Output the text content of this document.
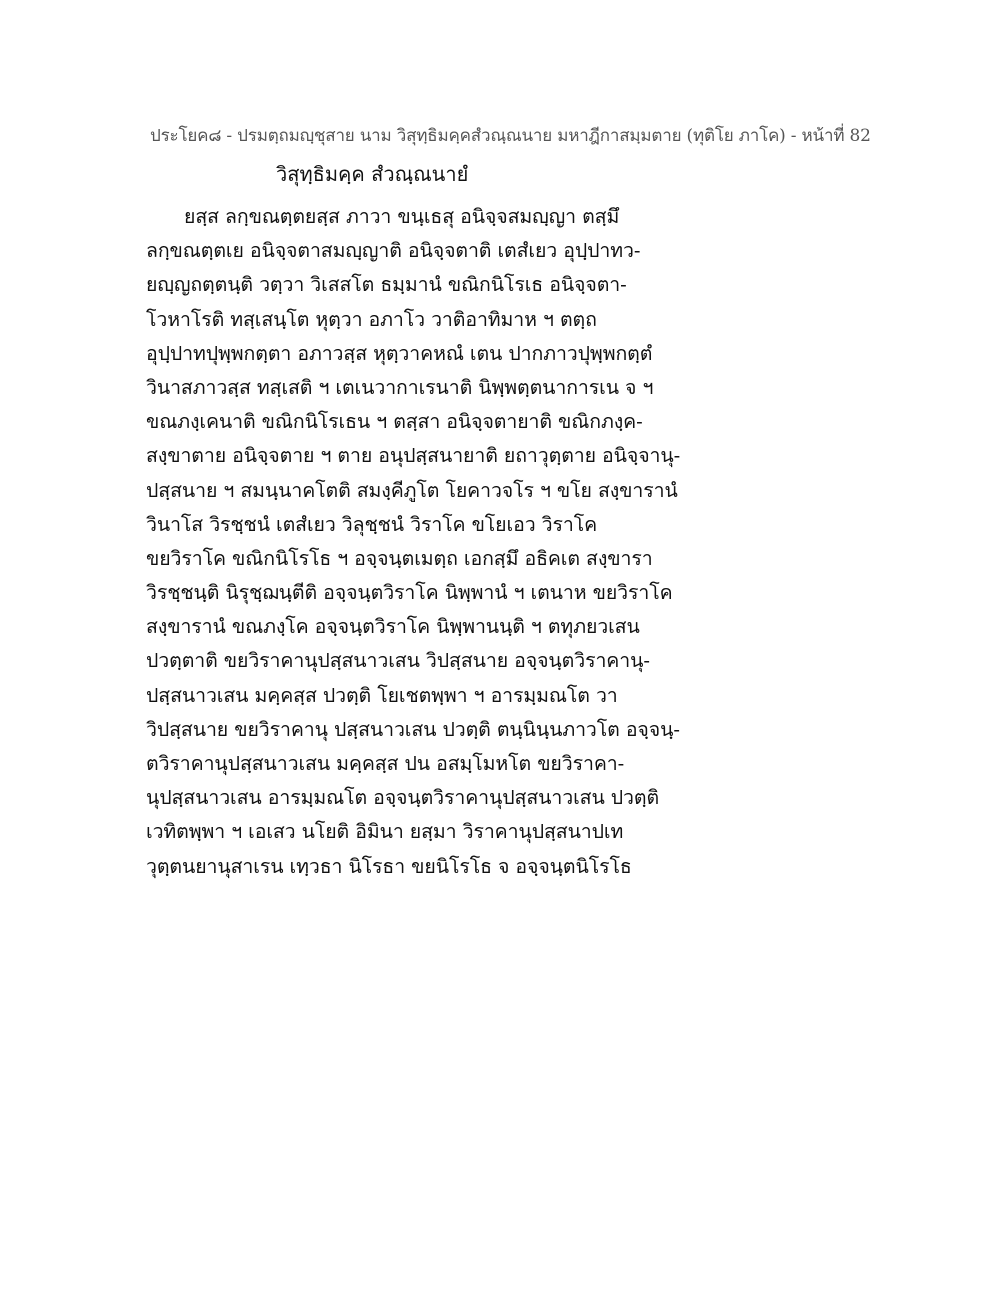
ประโยค๘ - ปรมตฺถมญฺชุสาย นาม วิสุทฺธิมคฺคสํวณฺณนาย มหาฎีกาสมฺมตาย (ทุติโย ภาโค) - หน้าที่ 82
วิสุทฺธิมคฺค สํวณฺณนายํ
ยสฺส ลกฺขณตฺตยสฺส ภาวา ขนฺเธสุ อนิจฺจสมญฺญา ตสฺมึ
ลกฺขณตฺตเย อนิจฺจตาสมญฺญาติ อนิจฺจตาติ เตสํเยว อุปฺปาทว-
ยญฺญถตฺตนฺติ วตฺวา วิเสสโต ธมฺมานํ ขณิกนิโรเธ อนิจฺจตา-
โวหาโรติ ทสฺเสนฺโต หุตฺวา อภาโว วาติอาทิมาห ฯ ตตฺถ
อุปฺปาทปุพฺพกตฺตา อภาวสฺส หุตฺวาคหณํ เตน ปากภาวปุพฺพกตฺตํ
วินาสภาวสฺส ทสฺเสติ ฯ เตเนวากาเรนาติ นิพฺพตฺตนาการเน จ ฯ
ขณภงฺเคนาติ ขณิกนิโรเธน ฯ ตสฺสา อนิจฺจตายาติ ขณิกภงฺค-
สงฺขาตาย อนิจฺจตาย ฯ ตาย อนุปสฺสนายาติ ยถาวุตฺตาย อนิจฺจานุ-
ปสฺสนาย ฯ สมนฺนาคโตติ สมงฺคีภูโต โยคาวจโร ฯ ขโย สงฺขารานํ
วินาโส วิรชฺชนํ เตสํเยว วิลุชฺชนํ วิราโค ขโยเอว วิราโค
ขยวิราโค ขณิกนิโรโธ ฯ อจฺจนฺตเมตฺถ เอกสฺมึ อธิคเต สงฺขารา
วิรชฺชนฺติ นิรุชฺฌนฺตีติ อจฺจนฺตวิราโค นิพฺพานํ ฯ เตนาห ขยวิราโค
สงฺขารานํ ขณภงฺโค อจฺจนฺตวิราโค นิพฺพานนฺติ ฯ ตทุภยวเสน
ปวตฺตาติ ขยวิราคานุปสฺสนาวเสน วิปสฺสนาย อจฺจนฺตวิราคานุ-
ปสฺสนาวเสน มคฺคสฺส ปวตฺติ โยเชตพฺพา ฯ อารมฺมณโต วา
วิปสฺสนาย ขยวิราคานุ ปสฺสนาวเสน ปวตฺติ ตนฺนินฺนภาวโต อจฺจนฺ-
ตวิราคานุปสฺสนาวเสน มคฺคสฺส ปน อสมฺโมหโต ขยวิราคา-
นุปสฺสนาวเสน อารมฺมณโต อจฺจนฺตวิราคานุปสฺสนาวเสน ปวตฺติ
เวทิตพฺพา ฯ เอเสว นโยติ อิมินา ยสฺมา วิราคานุปสฺสนาปเท
วุตฺตนยานุสาเรน เทฺวธา นิโรธา ขยนิโรโธ จ อจฺจนฺตนิโรโธ
